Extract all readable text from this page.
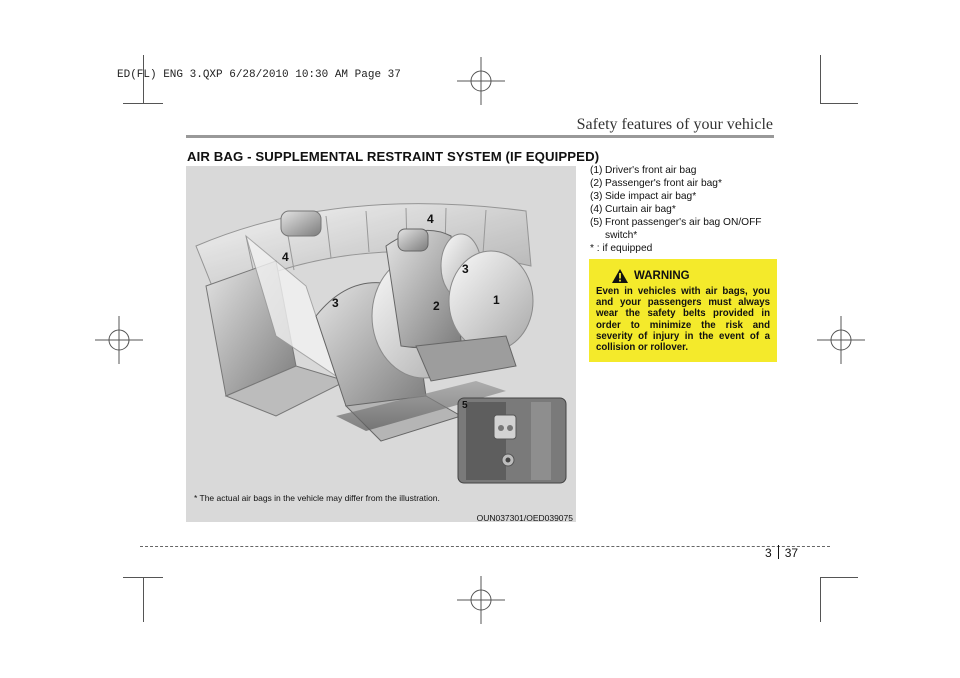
ED(FL) ENG 3.QXP 6/28/2010 10:30 AM Page 37
Safety features of your vehicle
AIR BAG - SUPPLEMENTAL RESTRAINT SYSTEM (IF EQUIPPED)
4
4
3
3	2	1
5
* The actual air bags in the vehicle may differ from the illustration.
OUN037301/OED039075
(1) Driver's front air bag
(2) Passenger's front air bag*
(3) Side impact air bag*
(4) Curtain air bag*
(5) Front passenger's air bag ON/OFF switch*
* : if equipped
WARNING
Even in vehicles with air bags, you and your passengers must always wear the safety belts provided in order to minimize the risk and severity of injury in the event of a collision or rollover.
3 37
